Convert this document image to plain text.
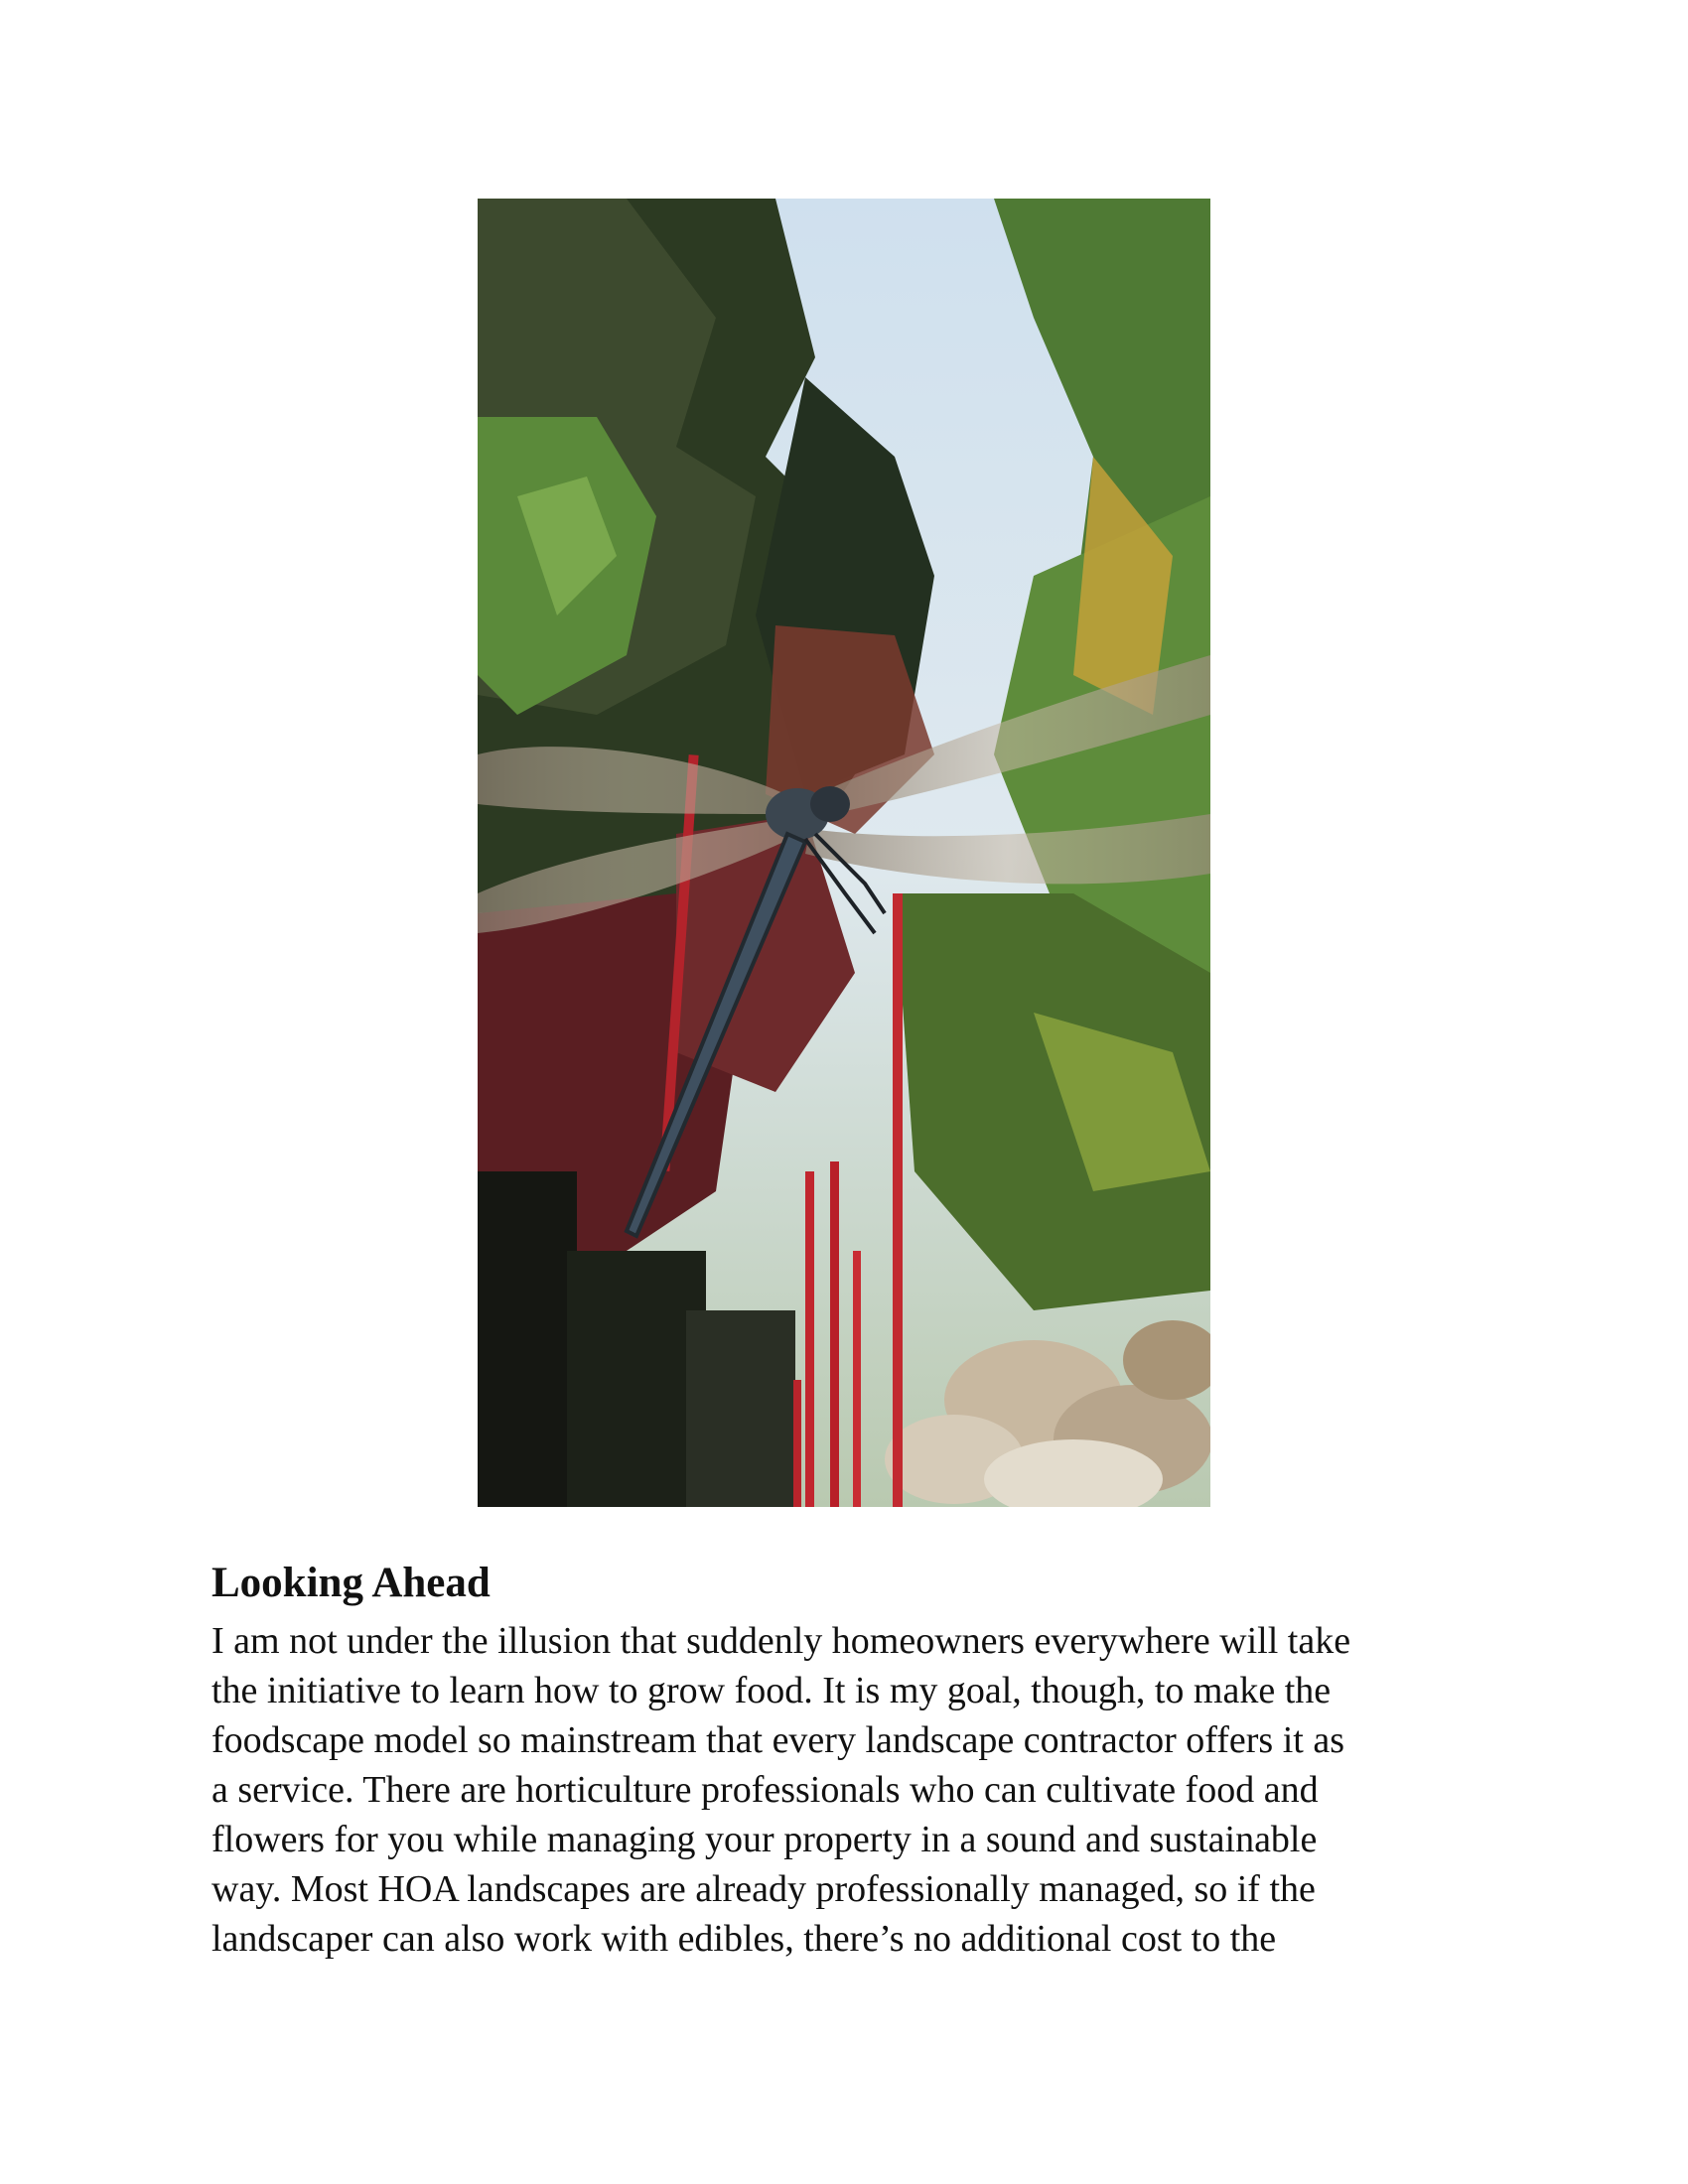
Looking Ahead

I am not under the illusion that suddenly homeowners everywhere will take
the initiative to learn how to grow food. It is my goal, though, to make the
foodscape model so mainstream that every landscape contractor offers it as
a service. There are horticulture professionals who can cultivate food and
flowers for you while managing your property in a sound and sustainable
way. Most HOA landscapes are already professionally managed, so if the
landscaper can also work with edibles, there’s no additional cost to the
